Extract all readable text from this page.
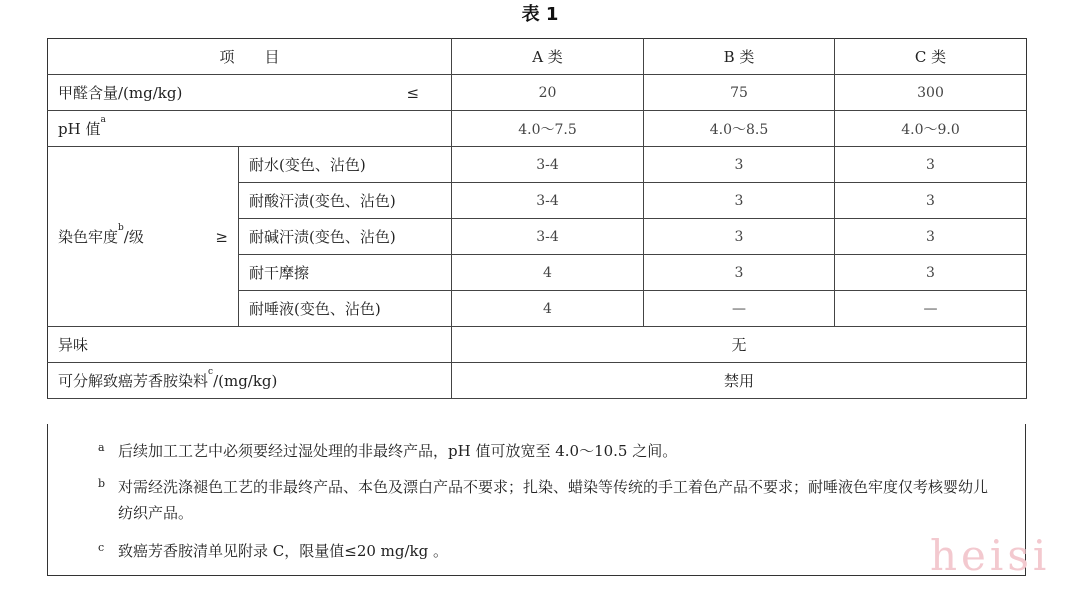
表 1
项　　目		A 类	B 类	C 类

甲醛含量/(mg/kg) ≤		20	75	300
pH 值$^a$		4.0～7.5	4.0～8.5	4.0～9.0

染色牢度$^b$/级 ≥	耐水(变色、沾色)	3-4	3	3
	耐酸汗渍(变色、沾色)	3-4	3	3
	耐碱汗渍(变色、沾色)	3-4	3	3
	耐干摩擦	4	3	3
	耐唾液(变色、沾色)	4	—	—
异味		无		
可分解致癌芳香胺染料$^c$/(mg/kg)		禁用		
a 后续加工工艺中必须要经过湿处理的非最终产品，pH 值可放宽至 4.0～10.5 之间。
b 对需经洗涤褪色工艺的非最终产品、本色及漂白产品不要求；扎染、蜡染等传统的手工着色产品不要求；耐唾液色牢度仅考核婴幼儿纺织产品。
c 致癌芳香胺清单见附录 C，限量值≤20 mg/kg 。	heisi
